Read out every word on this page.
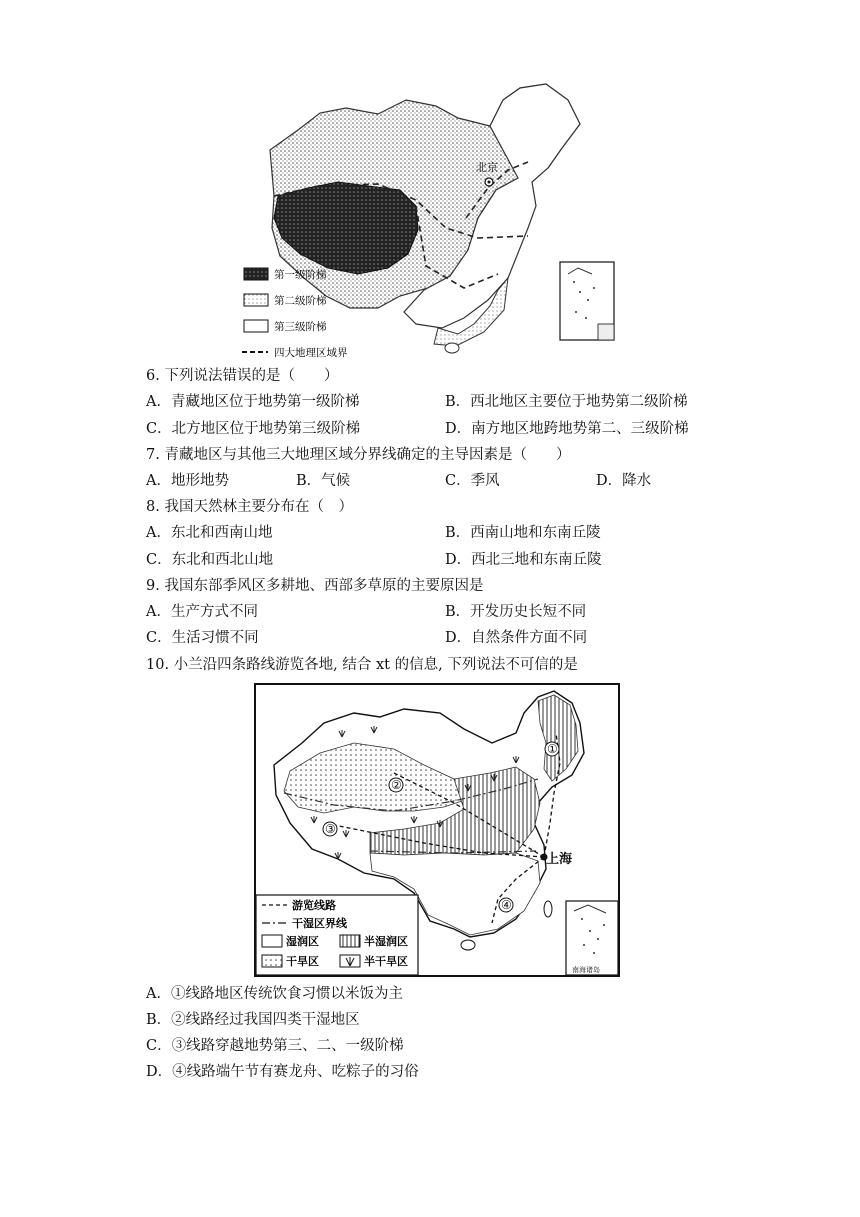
北京
第一级阶梯
第二级阶梯
第三级阶梯
四大地理区域界
6. 下列说法错误的是（　　）
A．青藏地区位于地势第一级阶梯	B．西北地区主要位于地势第二级阶梯
C．北方地区位于地势第三级阶梯	D．南方地区地跨地势第二、三级阶梯
7. 青藏地区与其他三大地理区域分界线确定的主导因素是（　　）
A．地形地势	B．气候	C．季风	D．降水
8. 我国天然林主要分布在（　）
A．东北和西南山地	B．西南山地和东南丘陵
C．东北和西北山地	D．西北三地和东南丘陵
9. 我国东部季风区多耕地、西部多草原的主要原因是
A．生产方式不同	B．开发历史长短不同
C．生活习惯不同	D．自然条件方面不同
10. 小兰沿四条路线游览各地, 结合 xt 的信息, 下列说法不可信的是
上海
①
②
③
④
游览线路
干湿区界线
湿润区	半湿润区
干旱区	半干旱区
南海诸岛
A．①线路地区传统饮食习惯以米饭为主
B．②线路经过我国四类干湿地区
C．③线路穿越地势第三、二、一级阶梯
D．④线路端午节有赛龙舟、吃粽子的习俗
